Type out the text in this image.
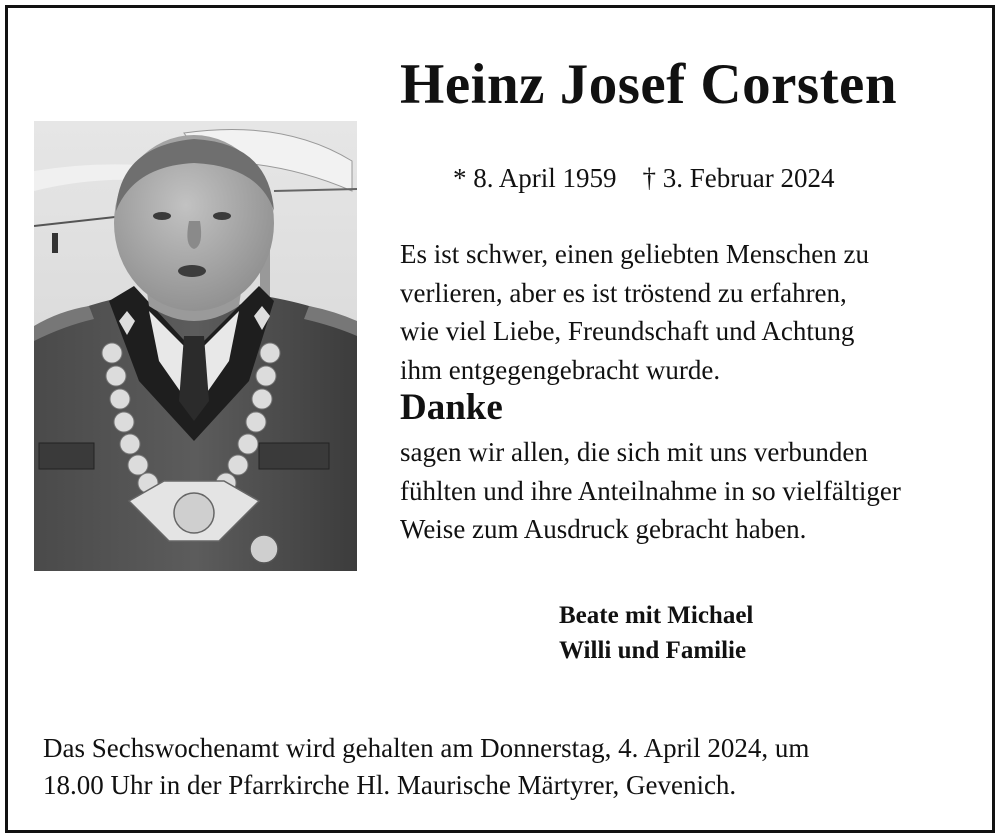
Heinz Josef Corsten
* 8. April 1959 † 3. Februar 2024
Es ist schwer, einen geliebten Menschen zu
verlieren, aber es ist tröstend zu erfahren,
wie viel Liebe, Freundschaft und Achtung
ihm entgegengebracht wurde.
Danke
sagen wir allen, die sich mit uns verbunden
fühlten und ihre Anteilnahme in so vielfältiger
Weise zum Ausdruck gebracht haben.
Beate mit Michael
Willi und Familie
Das Sechswochenamt wird gehalten am Donnerstag, 4. April 2024, um
18.00 Uhr in der Pfarrkirche Hl. Maurische Märtyrer, Gevenich.
